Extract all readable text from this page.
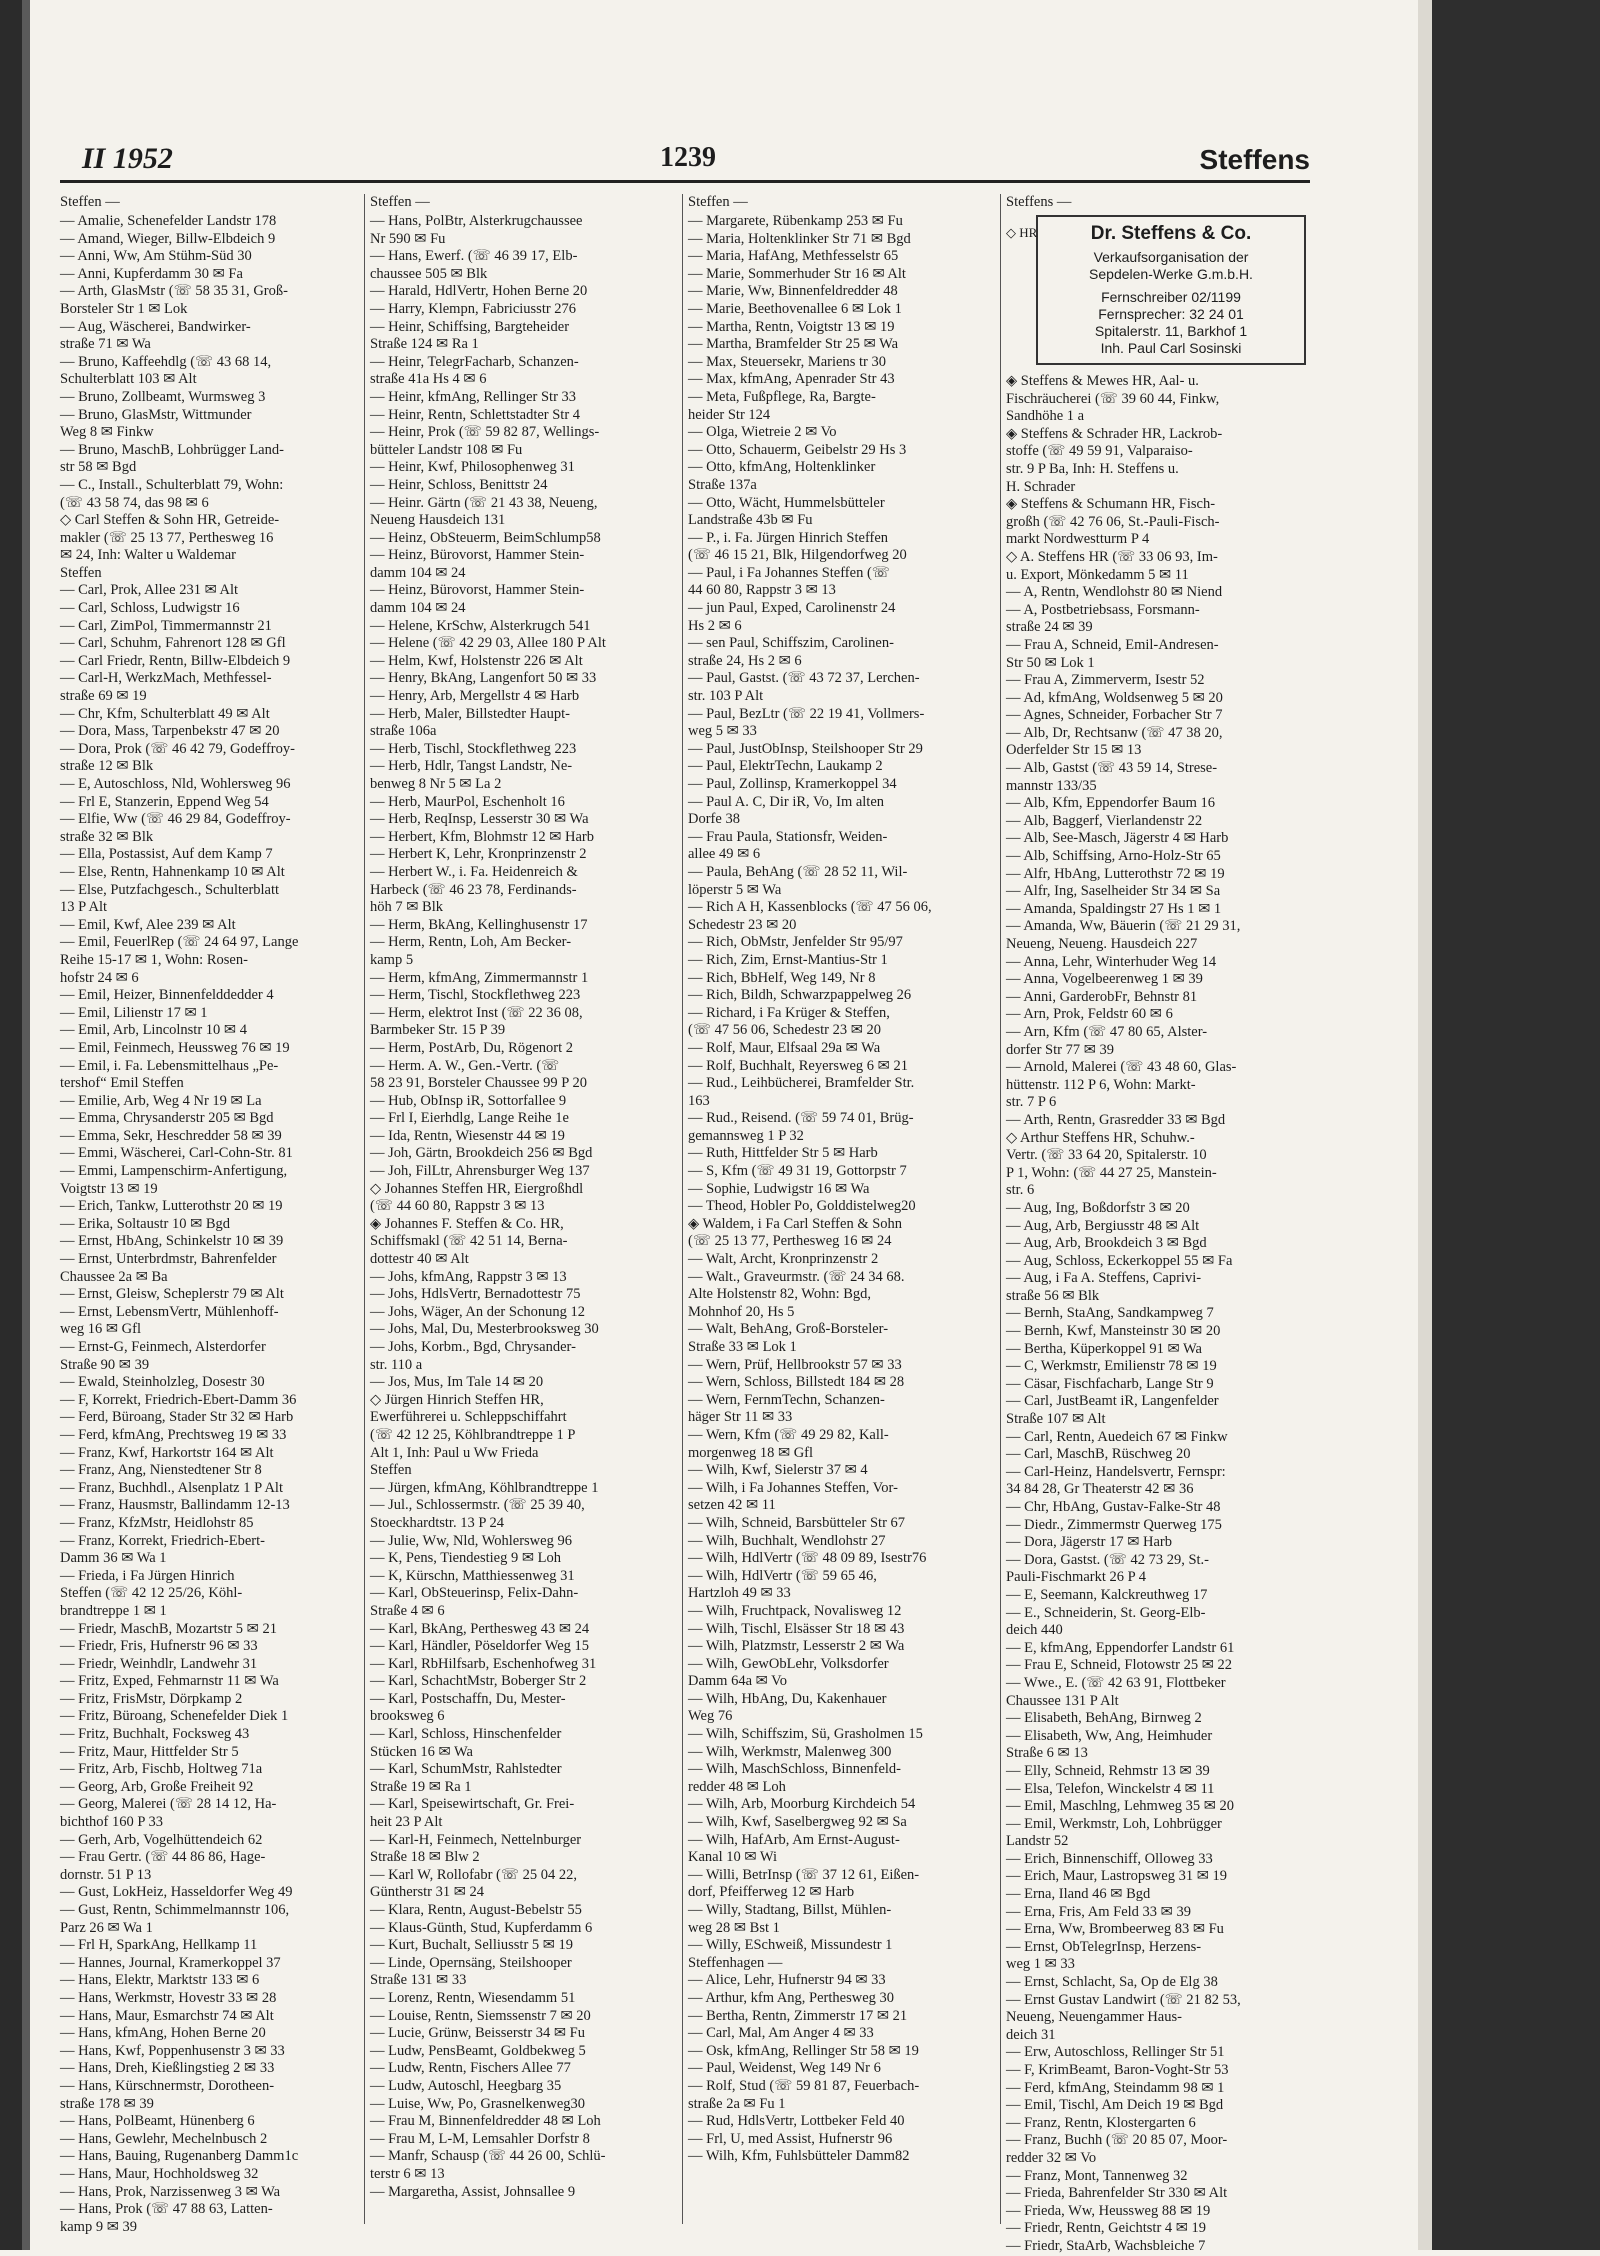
II 1952	1239	Steffens
Steffen —
— Amalie, Schenefelder Landstr 178
— Amand, Wieger, Billw-Elbdeich 9
— Anni, Ww, Am Stühm-Süd 30
— Anni, Kupferdamm 30 ✉ Fa
— Arth, GlasMstr (☏ 58 35 31, Groß-
Borsteler Str 1 ✉ Lok
— Aug, Wäscherei, Bandwirker-
straße 71 ✉ Wa
— Bruno, Kaffeehdlg (☏ 43 68 14,
Schulterblatt 103 ✉ Alt
— Bruno, Zollbeamt, Wurmsweg 3
— Bruno, GlasMstr, Wittmunder
Weg 8 ✉ Finkw
— Bruno, MaschB, Lohbrügger Land-
str 58 ✉ Bgd
— C., Install., Schulterblatt 79, Wohn:
(☏ 43 58 74, das 98 ✉ 6
◇ Carl Steffen & Sohn HR, Getreide-
makler (☏ 25 13 77, Perthesweg 16
✉ 24, Inh: Walter u Waldemar
Steffen
— Carl, Prok, Allee 231 ✉ Alt
— Carl, Schloss, Ludwigstr 16
— Carl, ZimPol, Timmermannstr 21
— Carl, Schuhm, Fahrenort 128 ✉ Gfl
— Carl Friedr, Rentn, Billw-Elbdeich 9
— Carl-H, WerkzMach, Methfessel-
straße 69 ✉ 19
— Chr, Kfm, Schulterblatt 49 ✉ Alt
— Dora, Mass, Tarpenbekstr 47 ✉ 20
— Dora, Prok (☏ 46 42 79, Godeffroy-
straße 12 ✉ Blk
— E, Autoschloss, Nld, Wohlersweg 96
— Frl E, Stanzerin, Eppend Weg 54
— Elfie, Ww (☏ 46 29 84, Godeffroy-
straße 32 ✉ Blk
— Ella, Postassist, Auf dem Kamp 7
— Else, Rentn, Hahnenkamp 10 ✉ Alt
— Else, Putzfachgesch., Schulterblatt
13 P Alt
— Emil, Kwf, Alee 239 ✉ Alt
— Emil, FeuerlRep (☏ 24 64 97, Lange
Reihe 15-17 ✉ 1, Wohn: Rosen-
hofstr 24 ✉ 6
— Emil, Heizer, Binnenfelddedder 4
— Emil, Lilienstr 17 ✉ 1
— Emil, Arb, Lincolnstr 10 ✉ 4
— Emil, Feinmech, Heussweg 76 ✉ 19
— Emil, i. Fa. Lebensmittelhaus „Pe-
tershof“ Emil Steffen
— Emilie, Arb, Weg 4 Nr 19 ✉ La
— Emma, Chrysanderstr 205 ✉ Bgd
— Emma, Sekr, Heschredder 58 ✉ 39
— Emmi, Wäscherei, Carl-Cohn-Str. 81
— Emmi, Lampenschirm-Anfertigung,
Voigtstr 13 ✉ 19
— Erich, Tankw, Lutterothstr 20 ✉ 19
— Erika, Soltaustr 10 ✉ Bgd
— Ernst, HbAng, Schinkelstr 10 ✉ 39
— Ernst, Unterbrdmstr, Bahrenfelder
Chaussee 2a ✉ Ba
— Ernst, Gleisw, Scheplerstr 79 ✉ Alt
— Ernst, LebensmVertr, Mühlenhoff-
weg 16 ✉ Gfl
— Ernst-G, Feinmech, Alsterdorfer
Straße 90 ✉ 39
— Ewald, Steinholzleg, Dosestr 30
— F, Korrekt, Friedrich-Ebert-Damm 36
— Ferd, Büroang, Stader Str 32 ✉ Harb
— Ferd, kfmAng, Prechtsweg 19 ✉ 33
— Franz, Kwf, Harkortstr 164 ✉ Alt
— Franz, Ang, Nienstedtener Str 8
— Franz, Buchhdl., Alsenplatz 1 P Alt
— Franz, Hausmstr, Ballindamm 12-13
— Franz, KfzMstr, Heidlohstr 85
— Franz, Korrekt, Friedrich-Ebert-
Damm 36 ✉ Wa 1
— Frieda, i Fa Jürgen Hinrich
Steffen (☏ 42 12 25/26, Köhl-
brandtreppe 1 ✉ 1
— Friedr, MaschB, Mozartstr 5 ✉ 21
— Friedr, Fris, Hufnerstr 96 ✉ 33
— Friedr, Weinhdlr, Landwehr 31
— Fritz, Exped, Fehmarnstr 11 ✉ Wa
— Fritz, FrisMstr, Dörpkamp 2
— Fritz, Büroang, Schenefelder Diek 1
— Fritz, Buchhalt, Focksweg 43
— Fritz, Maur, Hittfelder Str 5
— Fritz, Arb, Fischb, Holtweg 71a
— Georg, Arb, Große Freiheit 92
— Georg, Malerei (☏ 28 14 12, Ha-
bichthof 160 P 33
— Gerh, Arb, Vogelhüttendeich 62
— Frau Gertr. (☏ 44 86 86, Hage-
dornstr. 51 P 13
— Gust, LokHeiz, Hasseldorfer Weg 49
— Gust, Rentn, Schimmelmannstr 106,
Parz 26 ✉ Wa 1
— Frl H, SparkAng, Hellkamp 11
— Hannes, Journal, Kramerkoppel 37
— Hans, Elektr, Marktstr 133 ✉ 6
— Hans, Werkmstr, Hovestr 33 ✉ 28
— Hans, Maur, Esmarchstr 74 ✉ Alt
— Hans, kfmAng, Hohen Berne 20
— Hans, Kwf, Poppenhusenstr 3 ✉ 33
— Hans, Dreh, Kießlingstieg 2 ✉ 33
— Hans, Kürschnermstr, Dorotheen-
straße 178 ✉ 39
— Hans, PolBeamt, Hünenberg 6
— Hans, Gewlehr, Mechelnbusch 2
— Hans, Bauing, Rugenanberg Damm1c
— Hans, Maur, Hochholdsweg 32
— Hans, Prok, Narzissenweg 3 ✉ Wa
— Hans, Prok (☏ 47 88 63, Latten-
kamp 9 ✉ 39
Steffen —
— Hans, PolBtr, Alsterkrugchaussee
Nr 590 ✉ Fu
— Hans, Ewerf. (☏ 46 39 17, Elb-
chaussee 505 ✉ Blk
— Harald, HdlVertr, Hohen Berne 20
— Harry, Klempn, Fabriciusstr 276
— Heinr, Schiffsing, Bargteheider
Straße 124 ✉ Ra 1
— Heinr, TelegrFacharb, Schanzen-
straße 41a Hs 4 ✉ 6
— Heinr, kfmAng, Rellinger Str 33
— Heinr, Rentn, Schlettstadter Str 4
— Heinr, Prok (☏ 59 82 87, Wellings-
bütteler Landstr 108 ✉ Fu
— Heinr, Kwf, Philosophenweg 31
— Heinr, Schloss, Benittstr 24
— Heinr. Gärtn (☏ 21 43 38, Neueng,
Neueng Hausdeich 131
— Heinz, ObSteuerm, BeimSchlump58
— Heinz, Bürovorst, Hammer Stein-
damm 104 ✉ 24
— Heinz, Bürovorst, Hammer Stein-
damm 104 ✉ 24
— Helene, KrSchw, Alsterkrugch 541
— Helene (☏ 42 29 03, Allee 180 P Alt
— Helm, Kwf, Holstenstr 226 ✉ Alt
— Henry, BkAng, Langenfort 50 ✉ 33
— Henry, Arb, Mergellstr 4 ✉ Harb
— Herb, Maler, Billstedter Haupt-
straße 106a
— Herb, Tischl, Stockflethweg 223
— Herb, Hdlr, Tangst Landstr, Ne-
benweg 8 Nr 5 ✉ La 2
— Herb, MaurPol, Eschenholt 16
— Herb, ReqInsp, Lesserstr 30 ✉ Wa
— Herbert, Kfm, Blohmstr 12 ✉ Harb
— Herbert K, Lehr, Kronprinzenstr 2
— Herbert W., i. Fa. Heidenreich &
Harbeck (☏ 46 23 78, Ferdinands-
höh 7 ✉ Blk
— Herm, BkAng, Kellinghusenstr 17
— Herm, Rentn, Loh, Am Becker-
kamp 5
— Herm, kfmAng, Zimmermannstr 1
— Herm, Tischl, Stockflethweg 223
— Herm, elektrot Inst (☏ 22 36 08,
Barmbeker Str. 15 P 39
— Herm, PostArb, Du, Rögenort 2
— Herm. A. W., Gen.-Vertr. (☏
58 23 91, Borsteler Chaussee 99 P 20
— Hub, ObInsp iR, Sottorfallee 9
— Frl I, Eierhdlg, Lange Reihe 1e
— Ida, Rentn, Wiesenstr 44 ✉ 19
— Joh, Gärtn, Brookdeich 256 ✉ Bgd
— Joh, FilLtr, Ahrensburger Weg 137
◇ Johannes Steffen HR, Eiergroßhdl
(☏ 44 60 80, Rappstr 3 ✉ 13
◈ Johannes F. Steffen & Co. HR,
Schiffsmakl (☏ 42 51 14, Berna-
dottestr 40 ✉ Alt
— Johs, kfmAng, Rappstr 3 ✉ 13
— Johs, HdlsVertr, Bernadottestr 75
— Johs, Wäger, An der Schonung 12
— Johs, Mal, Du, Mesterbrooksweg 30
— Johs, Korbm., Bgd, Chrysander-
str. 110 a
— Jos, Mus, Im Tale 14 ✉ 20
◇ Jürgen Hinrich Steffen HR,
Ewerführerei u. Schleppschiffahrt
(☏ 42 12 25, Köhlbrandtreppe 1 P
Alt 1, Inh: Paul u Ww Frieda
Steffen
— Jürgen, kfmAng, Köhlbrandtreppe 1
— Jul., Schlossermstr. (☏ 25 39 40,
Stoeckhardtstr. 13 P 24
— Julie, Ww, Nld, Wohlersweg 96
— K, Pens, Tiendestieg 9 ✉ Loh
— K, Kürschn, Matthiessenweg 31
— Karl, ObSteuerinsp, Felix-Dahn-
Straße 4 ✉ 6
— Karl, BkAng, Perthesweg 43 ✉ 24
— Karl, Händler, Pöseldorfer Weg 15
— Karl, RbHilfsarb, Eschenhofweg 31
— Karl, SchachtMstr, Boberger Str 2
— Karl, Postschaffn, Du, Mester-
brooksweg 6
— Karl, Schloss, Hinschenfelder
Stücken 16 ✉ Wa
— Karl, SchumMstr, Rahlstedter
Straße 19 ✉ Ra 1
— Karl, Speisewirtschaft, Gr. Frei-
heit 23 P Alt
— Karl-H, Feinmech, Nettelnburger
Straße 18 ✉ Blw 2
— Karl W, Rollofabr (☏ 25 04 22,
Güntherstr 31 ✉ 24
— Klara, Rentn, August-Bebelstr 55
— Klaus-Günth, Stud, Kupferdamm 6
— Kurt, Buchalt, Selliusstr 5 ✉ 19
— Linde, Opernsäng, Steilshooper
Straße 131 ✉ 33
— Lorenz, Rentn, Wiesendamm 51
— Louise, Rentn, Siemssenstr 7 ✉ 20
— Lucie, Grünw, Beisserstr 34 ✉ Fu
— Ludw, PensBeamt, Goldbekweg 5
— Ludw, Rentn, Fischers Allee 77
— Ludw, Autoschl, Heegbarg 35
— Luise, Ww, Po, Grasnelkenweg30
— Frau M, Binnenfeldredder 48 ✉ Loh
— Frau M, L-M, Lemsahler Dorfstr 8
— Manfr, Schausp (☏ 44 26 00, Schlü-
terstr 6 ✉ 13
— Margaretha, Assist, Johnsallee 9
Steffen —
— Margarete, Rübenkamp 253 ✉ Fu
— Maria, Holtenklinker Str 71 ✉ Bgd
— Maria, HafAng, Methfesselstr 65
— Marie, Sommerhuder Str 16 ✉ Alt
— Marie, Ww, Binnenfeldredder 48
— Marie, Beethovenallee 6 ✉ Lok 1
— Martha, Rentn, Voigtstr 13 ✉ 19
— Martha, Bramfelder Str 25 ✉ Wa
— Max, Steuersekr, Mariens tr 30
— Max, kfmAng, Apenrader Str 43
— Meta, Fußpflege, Ra, Bargte-
heider Str 124
— Olga, Wietreie 2 ✉ Vo
— Otto, Schauerm, Geibelstr 29 Hs 3
— Otto, kfmAng, Holtenklinker
Straße 137a
— Otto, Wächt, Hummelsbütteler
Landstraße 43b ✉ Fu
— P., i. Fa. Jürgen Hinrich Steffen
(☏ 46 15 21, Blk, Hilgendorfweg 20
— Paul, i Fa Johannes Steffen (☏
44 60 80, Rappstr 3 ✉ 13
— jun Paul, Exped, Carolinenstr 24
Hs 2 ✉ 6
— sen Paul, Schiffszim, Carolinen-
straße 24, Hs 2 ✉ 6
— Paul, Gastst. (☏ 43 72 37, Lerchen-
str. 103 P Alt
— Paul, BezLtr (☏ 22 19 41, Vollmers-
weg 5 ✉ 33
— Paul, JustObInsp, Steilshooper Str 29
— Paul, ElektrTechn, Laukamp 2
— Paul, Zollinsp, Kramerkoppel 34
— Paul A. C, Dir iR, Vo, Im alten
Dorfe 38
— Frau Paula, Stationsfr, Weiden-
allee 49 ✉ 6
— Paula, BehAng (☏ 28 52 11, Wil-
löperstr 5 ✉ Wa
— Rich A H, Kassenblocks (☏ 47 56 06,
Schedestr 23 ✉ 20
— Rich, ObMstr, Jenfelder Str 95/97
— Rich, Zim, Ernst-Mantius-Str 1
— Rich, BbHelf, Weg 149, Nr 8
— Rich, Bildh, Schwarzpappelweg 26
— Richard, i Fa Krüger & Steffen,
(☏ 47 56 06, Schedestr 23 ✉ 20
— Rolf, Maur, Elfsaal 29a ✉ Wa
— Rolf, Buchhalt, Reyersweg 6 ✉ 21
— Rud., Leihbücherei, Bramfelder Str.
163
— Rud., Reisend. (☏ 59 74 01, Brüg-
gemannsweg 1 P 32
— Ruth, Hittfelder Str 5 ✉ Harb
— S, Kfm (☏ 49 31 19, Gottorpstr 7
— Sophie, Ludwigstr 16 ✉ Wa
— Theod, Hobler Po, Golddistelweg20
◈ Waldem, i Fa Carl Steffen & Sohn
(☏ 25 13 77, Perthesweg 16 ✉ 24
— Walt, Archt, Kronprinzenstr 2
— Walt., Graveurmstr. (☏ 24 34 68.
Alte Holstenstr 82, Wohn: Bgd,
Mohnhof 20, Hs 5
— Walt, BehAng, Groß-Borsteler-
Straße 33 ✉ Lok 1
— Wern, Prüf, Hellbrookstr 57 ✉ 33
— Wern, Schloss, Billstedt 184 ✉ 28
— Wern, FernmTechn, Schanzen-
häger Str 11 ✉ 33
— Wern, Kfm (☏ 49 29 82, Kall-
morgenweg 18 ✉ Gfl
— Wilh, Kwf, Sielerstr 37 ✉ 4
— Wilh, i Fa Johannes Steffen, Vor-
setzen 42 ✉ 11
— Wilh, Schneid, Barsbütteler Str 67
— Wilh, Buchhalt, Wendlohstr 27
— Wilh, HdlVertr (☏ 48 09 89, Isestr76
— Wilh, HdlVertr (☏ 59 65 46,
Hartzloh 49 ✉ 33
— Wilh, Fruchtpack, Novalisweg 12
— Wilh, Tischl, Elsässer Str 18 ✉ 43
— Wilh, Platzmstr, Lesserstr 2 ✉ Wa
— Wilh, GewObLehr, Volksdorfer
Damm 64a ✉ Vo
— Wilh, HbAng, Du, Kakenhauer
Weg 76
— Wilh, Schiffszim, Sü, Grasholmen 15
— Wilh, Werkmstr, Malenweg 300
— Wilh, MaschSchloss, Binnenfeld-
redder 48 ✉ Loh
— Wilh, Arb, Moorburg Kirchdeich 54
— Wilh, Kwf, Saselbergweg 92 ✉ Sa
— Wilh, HafArb, Am Ernst-August-
Kanal 10 ✉ Wi
— Willi, BetrInsp (☏ 37 12 61, Eißen-
dorf, Pfeifferweg 12 ✉ Harb
— Willy, Stadtang, Billst, Mühlen-
weg 28 ✉ Bst 1
— Willy, ESchweiß, Missundestr 1
Steffenhagen —
— Alice, Lehr, Hufnerstr 94 ✉ 33
— Arthur, kfm Ang, Perthesweg 30
— Bertha, Rentn, Zimmerstr 17 ✉ 21
— Carl, Mal, Am Anger 4 ✉ 33
— Osk, kfmAng, Rellinger Str 58 ✉ 19
— Paul, Weidenst, Weg 149 Nr 6
— Rolf, Stud (☏ 59 81 87, Feuerbach-
straße 2a ✉ Fu 1
— Rud, HdlsVertr, Lottbeker Feld 40
— Frl, U, med Assist, Hufnerstr 96
— Wilh, Kfm, Fuhlsbütteler Damm82
Steffens —
◇ HR	Dr. Steffens & Co.
Verkaufsorganisation der
Sepdelen-Werke G.m.b.H.
Fernschreiber 02/1199
Fernsprecher: 32 24 01
Spitalerstr. 11, Barkhof 1
Inh. Paul Carl Sosinski
◈ Steffens & Mewes HR, Aal- u.
Fischräucherei (☏ 39 60 44, Finkw,
Sandhöhe 1 a
◈ Steffens & Schrader HR, Lackrob-
stoffe (☏ 49 59 91, Valparaiso-
str. 9 P Ba, Inh: H. Steffens u.
H. Schrader
◈ Steffens & Schumann HR, Fisch-
großh (☏ 42 76 06, St.-Pauli-Fisch-
markt Nordwestturm P 4
◇ A. Steffens HR (☏ 33 06 93, Im-
u. Export, Mönkedamm 5 ✉ 11
— A, Rentn, Wendlohstr 80 ✉ Niend
— A, Postbetriebsass, Forsmann-
straße 24 ✉ 39
— Frau A, Schneid, Emil-Andresen-
Str 50 ✉ Lok 1
— Frau A, Zimmerverm, Isestr 52
— Ad, kfmAng, Woldsenweg 5 ✉ 20
— Agnes, Schneider, Forbacher Str 7
— Alb, Dr, Rechtsanw (☏ 47 38 20,
Oderfelder Str 15 ✉ 13
— Alb, Gastst (☏ 43 59 14, Strese-
mannstr 133/35
— Alb, Kfm, Eppendorfer Baum 16
— Alb, Baggerf, Vierlandenstr 22
— Alb, See-Masch, Jägerstr 4 ✉ Harb
— Alb, Schiffsing, Arno-Holz-Str 65
— Alfr, HbAng, Lutterothstr 72 ✉ 19
— Alfr, Ing, Saselheider Str 34 ✉ Sa
— Amanda, Spaldingstr 27 Hs 1 ✉ 1
— Amanda, Ww, Bäuerin (☏ 21 29 31,
Neueng, Neueng. Hausdeich 227
— Anna, Lehr, Winterhuder Weg 14
— Anna, Vogelbeerenweg 1 ✉ 39
— Anni, GarderobFr, Behnstr 81
— Arn, Prok, Feldstr 60 ✉ 6
— Arn, Kfm (☏ 47 80 65, Alster-
dorfer Str 77 ✉ 39
— Arnold, Malerei (☏ 43 48 60, Glas-
hüttenstr. 112 P 6, Wohn: Markt-
str. 7 P 6
— Arth, Rentn, Grasredder 33 ✉ Bgd
◇ Arthur Steffens HR, Schuhw.-
Vertr. (☏ 33 64 20, Spitalerstr. 10
P 1, Wohn: (☏ 44 27 25, Manstein-
str. 6
— Aug, Ing, Boßdorfstr 3 ✉ 20
— Aug, Arb, Bergiusstr 48 ✉ Alt
— Aug, Arb, Brookdeich 3 ✉ Bgd
— Aug, Schloss, Eckerkoppel 55 ✉ Fa
— Aug, i Fa A. Steffens, Caprivi-
straße 56 ✉ Blk
— Bernh, StaAng, Sandkampweg 7
— Bernh, Kwf, Mansteinstr 30 ✉ 20
— Bertha, Küperkoppel 91 ✉ Wa
— C, Werkmstr, Emilienstr 78 ✉ 19
— Cäsar, Fischfacharb, Lange Str 9
— Carl, JustBeamt iR, Langenfelder
Straße 107 ✉ Alt
— Carl, Rentn, Auedeich 67 ✉ Finkw
— Carl, MaschB, Rüschweg 20
— Carl-Heinz, Handelsvertr, Fernspr:
34 84 28, Gr Theaterstr 42 ✉ 36
— Chr, HbAng, Gustav-Falke-Str 48
— Diedr., Zimmermstr Querweg 175
— Dora, Jägerstr 17 ✉ Harb
— Dora, Gastst. (☏ 42 73 29, St.-
Pauli-Fischmarkt 26 P 4
— E, Seemann, Kalckreuthweg 17
— E., Schneiderin, St. Georg-Elb-
deich 440
— E, kfmAng, Eppendorfer Landstr 61
— Frau E, Schneid, Flotowstr 25 ✉ 22
— Wwe., E. (☏ 42 63 91, Flottbeker
Chaussee 131 P Alt
— Elisabeth, BehAng, Birnweg 2
— Elisabeth, Ww, Ang, Heimhuder
Straße 6 ✉ 13
— Elly, Schneid, Rehmstr 13 ✉ 39
— Elsa, Telefon, Winckelstr 4 ✉ 11
— Emil, Maschlng, Lehmweg 35 ✉ 20
— Emil, Werkmstr, Loh, Lohbrügger
Landstr 52
— Erich, Binnenschiff, Olloweg 33
— Erich, Maur, Lastropsweg 31 ✉ 19
— Erna, Iland 46 ✉ Bgd
— Erna, Fris, Am Feld 33 ✉ 39
— Erna, Ww, Brombeerweg 83 ✉ Fu
— Ernst, ObTelegrInsp, Herzens-
weg 1 ✉ 33
— Ernst, Schlacht, Sa, Op de Elg 38
— Ernst Gustav Landwirt (☏ 21 82 53,
Neueng, Neuengammer Haus-
deich 31
— Erw, Autoschloss, Rellinger Str 51
— F, KrimBeamt, Baron-Voght-Str 53
— Ferd, kfmAng, Steindamm 98 ✉ 1
— Emil, Tischl, Am Deich 19 ✉ Bgd
— Franz, Rentn, Klostergarten 6
— Franz, Buchh (☏ 20 85 07, Moor-
redder 32 ✉ Vo
— Franz, Mont, Tannenweg 32
— Frieda, Bahrenfelder Str 330 ✉ Alt
— Frieda, Ww, Heussweg 88 ✉ 19
— Friedr, Rentn, Geichtstr 4 ✉ 19
— Friedr, StaArb, Wachsbleiche 7
